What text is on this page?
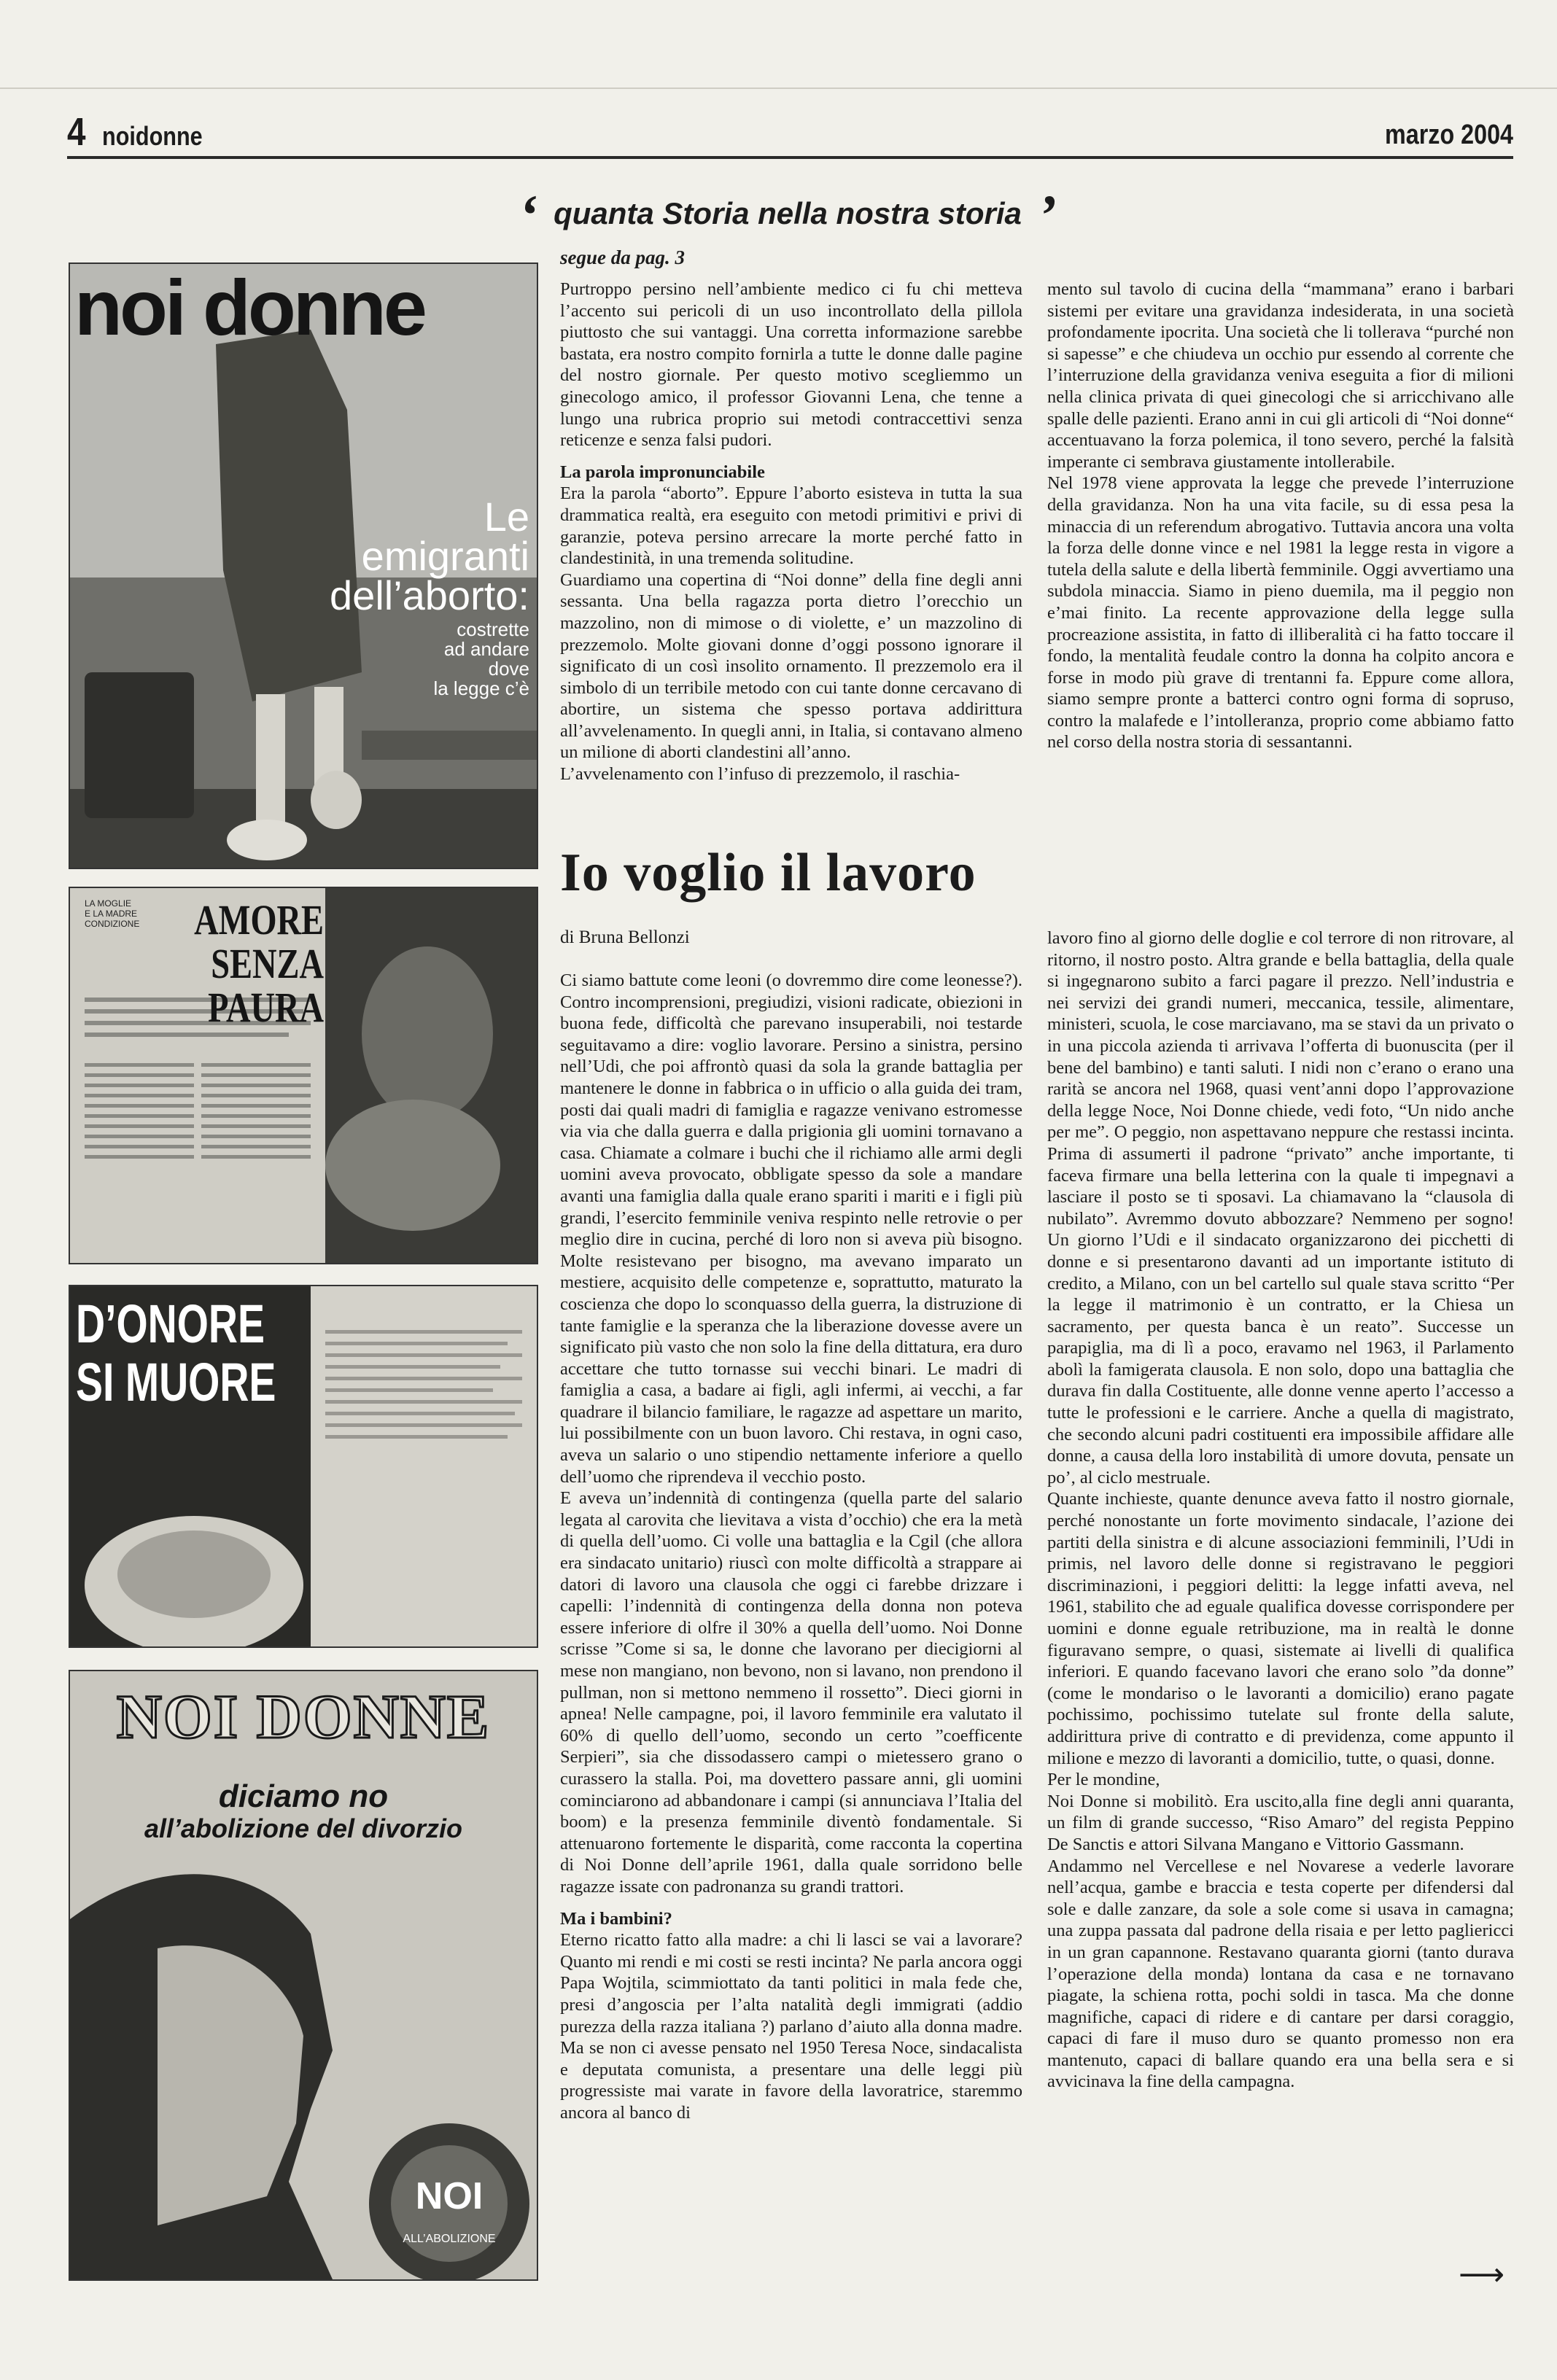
4 noidonne	marzo 2004
‘ quanta Storia nella nostra storia ’
segue da pag. 3

Purtroppo persino nell’ambiente medico ci fu chi metteva l’accento sui pericoli di un uso incontrollato della pillola piuttosto che sui vantaggi. Una corretta informazione sarebbe bastata, era nostro compito fornirla a tutte le donne dalle pagine del nostro giornale. Per questo motivo scegliemmo un ginecologo amico, il professor Giovanni Lena, che tenne a lungo una rubrica proprio sui metodi contraccettivi senza reticenze e senza falsi pudori.

La parola impronunciabile

Era la parola “aborto”. Eppure l’aborto esisteva in tutta la sua drammatica realtà, era eseguito con metodi primitivi e privi di garanzie, poteva persino arrecare la morte perché fatto in clandestinità, in una tremenda solitudine.

Guardiamo una copertina di “Noi donne” della fine degli anni sessanta. Una bella ragazza porta dietro l’orecchio un mazzolino, non di mimose o di violette, e’ un mazzolino di prezzemolo. Molte giovani donne d’oggi possono ignorare il significato di un così insolito ornamento. Il prezzemolo era il simbolo di un terribile metodo con cui tante donne cercavano di abortire, un sistema che spesso portava addirittura all’avvelenamento. In quegli anni, in Italia, si contavano almeno un milione di aborti clandestini all’anno.

L’avvelenamento con l’infuso di prezzemolo, il raschia-

mento sul tavolo di cucina della “mammana” erano i barbari sistemi per evitare una gravidanza indesiderata, in una società profondamente ipocrita. Una società che li tollerava “purché non si sapesse” e che chiudeva un occhio pur essendo al corrente che l’interruzione della gravidanza veniva eseguita a fior di milioni nella clinica privata di quei ginecologi che si arricchivano alle spalle delle pazienti. Erano anni in cui gli articoli di “Noi donne“ accentuavano la forza polemica, il tono severo, perché la falsità imperante ci sembrava giustamente intollerabile.

Nel 1978 viene approvata la legge che prevede l’interruzione della gravidanza. Non ha una vita facile, su di essa pesa la minaccia di un referendum abrogativo. Tuttavia ancora una volta la forza delle donne vince e nel 1981 la legge resta in vigore a tutela della salute e della libertà femminile. Oggi avvertiamo una subdola minaccia. Siamo in pieno duemila, ma il peggio non e’mai finito. La recente approvazione della legge sulla procreazione assistita, in fatto di illiberalità ci ha fatto toccare il fondo, la mentalità feudale contro la donna ha colpito ancora e forse in modo più grave di trentanni fa. Eppure come allora, siamo sempre pronte a batterci contro ogni forma di sopruso, contro la malafede e l’intolleranza, proprio come abbiamo fatto nel corso della nostra storia di sessantanni.

Io voglio il lavoro
di Bruna Bellonzi

Ci siamo battute come leoni (o dovremmo dire come leonesse?). Contro incomprensioni, pregiudizi, visioni radicate, obiezioni in buona fede, difficoltà che parevano insuperabili, noi testarde seguitavamo a dire: voglio lavorare. Persino a sinistra, persino nell’Udi, che poi affrontò quasi da sola la grande battaglia per mantenere le donne in fabbrica o in ufficio o alla guida dei tram, posti dai quali madri di famiglia e ragazze venivano estromesse via via che dalla guerra e dalla prigionia gli uomini tornavano a casa. Chiamate a colmare i buchi che il richiamo alle armi degli uomini aveva provocato, obbligate spesso da sole a mandare avanti una famiglia dalla quale erano spariti i mariti e i figli più grandi, l’esercito femminile veniva respinto nelle retrovie o per meglio dire in cucina, perché di loro non si aveva più bisogno. Molte resistevano per bisogno, ma avevano imparato un mestiere, acquisito delle competenze e, soprattutto, maturato la coscienza che dopo lo sconquasso della guerra, la distruzione di tante famiglie e la speranza che la liberazione dovesse avere un significato più vasto che non solo la fine della dittatura, era duro accettare che tutto tornasse sui vecchi binari. Le madri di famiglia a casa, a badare ai figli, agli infermi, ai vecchi, a far quadrare il bilancio familiare, le ragazze ad aspettare un marito, lui possibilmente con un buon lavoro. Chi restava, in ogni caso, aveva un salario o uno stipendio nettamente inferiore a quello dell’uomo che riprendeva il vecchio posto.

E aveva un’indennità di contingenza (quella parte del salario legata al carovita che lievitava a vista d’occhio) che era la metà di quella dell’uomo. Ci volle una battaglia e la Cgil (che allora era sindacato unitario) riuscì con molte difficoltà a strappare ai datori di lavoro una clausola che oggi ci farebbe drizzare i capelli: l’indennità di contingenza della donna non poteva essere inferiore di olfre il 30% a quella dell’uomo. Noi Donne scrisse ”Come si sa, le donne che lavorano per diecigiorni al mese non mangiano, non bevono, non si lavano, non prendono il pullman, non si mettono nemmeno il rossetto”. Dieci giorni in apnea! Nelle campagne, poi, il lavoro femminile era valutato il 60% di quello dell’uomo, secondo un certo ”coefficente Serpieri”, sia che dissodassero campi o mietessero grano o curassero la stalla. Poi, ma dovettero passare anni, gli uomini cominciarono ad abbandonare i campi (si annunciava l’Italia del boom) e la presenza femminile diventò fondamentale. Si attenuarono fortemente le disparità, come racconta la copertina di Noi Donne dell’aprile 1961, dalla quale sorridono belle ragazze issate con padronanza su grandi trattori.

Ma i bambini?

Eterno ricatto fatto alla madre: a chi li lasci se vai a lavorare? Quanto mi rendi e mi costi se resti incinta? Ne parla ancora oggi Papa Wojtila, scimmiottato da tanti politici in mala fede che, presi d’angoscia per l’alta natalità degli immigrati (addio purezza della razza italiana ?) parlano d’aiuto alla donna madre. Ma se non ci avesse pensato nel 1950 Teresa Noce, sindacalista e deputata comunista, a presentare una delle leggi più progressiste mai varate in favore della lavoratrice, staremmo ancora al banco di

lavoro fino al giorno delle doglie e col terrore di non ritrovare, al ritorno, il nostro posto. Altra grande e bella battaglia, della quale si ingegnarono subito a farci pagare il prezzo. Nell’industria e nei servizi dei grandi numeri, meccanica, tessile, alimentare, ministeri, scuola, le cose marciavano, ma se stavi da un privato o in una piccola azienda ti arrivava l’offerta di buonuscita (per il bene del bambino) e tanti saluti. I nidi non c’erano o erano una rarità se ancora nel 1968, quasi vent’anni dopo l’approvazione della legge Noce, Noi Donne chiede, vedi foto, “Un nido anche per me”. O peggio, non aspettavano neppure che restassi incinta. Prima di assumerti il padrone “privato” anche importante, ti faceva firmare una bella letterina con la quale ti impegnavi a lasciare il posto se ti sposavi. La chiamavano la “clausola di nubilato”. Avremmo dovuto abbozzare? Nemmeno per sogno! Un giorno l’Udi e il sindacato organizzarono dei picchetti di donne e si presentarono davanti ad un importante istituto di credito, a Milano, con un bel cartello sul quale stava scritto “Per la legge il matrimonio è un contratto, er la Chiesa un sacramento, per questa banca è un reato”. Successe un parapiglia, ma di lì a poco, eravamo nel 1963, il Parlamento abolì la famigerata clausola. E non solo, dopo una battaglia che durava fin dalla Costituente, alle donne venne aperto l’accesso a tutte le professioni e le carriere. Anche a quella di magistrato, che secondo alcuni padri costituenti era impossibile affidare alle donne, a causa della loro instabilità di umore dovuta, pensate un po’, al ciclo mestruale.

Quante inchieste, quante denunce aveva fatto il nostro giornale, perché nonostante un forte movimento sindacale, l’azione dei partiti della sinistra e di alcune associazioni femminili, l’Udi in primis, nel lavoro delle donne si registravano le peggiori discriminazioni, i peggiori delitti: la legge infatti aveva, nel 1961, stabilito che ad eguale qualifica dovesse corrispondere per uomini e donne eguale retribuzione, ma in realtà le donne figuravano sempre, o quasi, sistemate ai livelli di qualifica inferiori. E quando facevano lavori che erano solo ”da donne” (come le mondariso o le lavoranti a domicilio) erano pagate pochissimo, pochissimo tutelate sul fronte della salute, addirittura prive di contratto e di previdenza, come appunto il milione e mezzo di lavoranti a domicilio, tutte, o quasi, donne.

Per le mondine,

Noi Donne si mobilitò. Era uscito,alla fine degli anni quaranta, un film di grande successo, “Riso Amaro” del regista Peppino De Sanctis e attori Silvana Mangano e Vittorio Gassmann.

Andammo nel Vercellese e nel Novarese a vederle lavorare nell’acqua, gambe e braccia e testa coperte per difendersi dal sole e dalle zanzare, da sole a sole come si usava in camagna; una zuppa passata dal padrone della risaia e per letto pagliericci in un gran capannone. Restavano quaranta giorni (tanto durava l’operazione della monda) lontana da casa e ne tornavano piagate, la schiena rotta, pochi soldi in tasca. Ma che donne magnifiche, capaci di ridere e di cantare per darsi coraggio, capaci di fare il muso duro se quanto promesso non era mantenuto, capaci di ballare quando era una bella sera e si avvicinava la fine della campagna.

noi donne
Le
emigranti
dell’aborto:
costrette
ad andare
dove
la legge c’è
LA MOGLIE
E LA MADRE
CONDIZIONE	AMORE
SENZA PAURA
D’ONORE
SI MUORE
NOI DONNE
diciamo no
all’abolizione del divorzio
NOI
ALL’ABOLIZIONE
⟶
